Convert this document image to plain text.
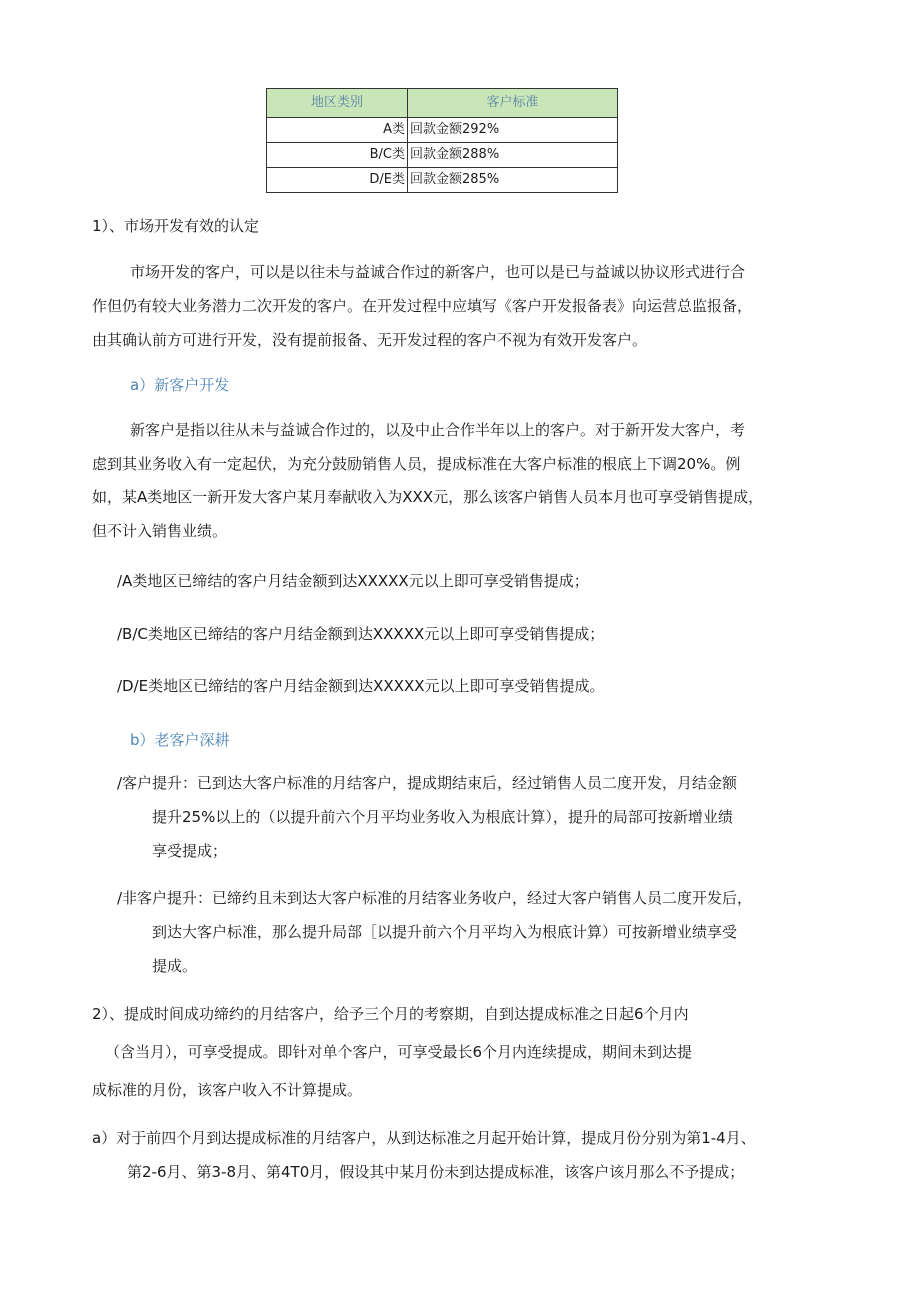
地区类别	客户标准
A类	回款金额292%
B/C类	回款金额288%
D/E类	回款金额285%
1）、市场开发有效的认定
市场开发的客户，可以是以往未与益诚合作过的新客户，也可以是已与益诚以协议形式进行合
作但仍有较大业务潜力二次开发的客户。在开发过程中应填写《客户开发报备表》向运营总监报备，
由其确认前方可进行开发，没有提前报备、无开发过程的客户不视为有效开发客户。
a）新客户开发
新客户是指以往从未与益诚合作过的，以及中止合作半年以上的客户。对于新开发大客户，考
虑到其业务收入有一定起伏，为充分鼓励销售人员，提成标准在大客户标准的根底上下调20%。例
如，某A类地区一新开发大客户某月奉献收入为XXX元，那么该客户销售人员本月也可享受销售提成，
但不计入销售业绩。
/A类地区已缔结的客户月结金额到达XXXXX元以上即可享受销售提成；
/B/C类地区已缔结的客户月结金额到达XXXXX元以上即可享受销售提成；
/D/E类地区已缔结的客户月结金额到达XXXXX元以上即可享受销售提成。
b）老客户深耕
/客户提升：已到达大客户标准的月结客户，提成期结束后，经过销售人员二度开发，月结金额
提升25%以上的（以提升前六个月平均业务收入为根底计算），提升的局部可按新增业绩
享受提成；
/非客户提升：已缔约且未到达大客户标准的月结客业务收户，经过大客户销售人员二度开发后，
到达大客户标准，那么提升局部［以提升前六个月平均入为根底计算）可按新增业绩享受
提成。
2）、提成时间成功缔约的月结客户，给予三个月的考察期，自到达提成标准之日起6个月内
（含当月），可享受提成。即针对单个客户，可享受最长6个月内连续提成，期间未到达提
成标准的月份，该客户收入不计算提成。
a）对于前四个月到达提成标准的月结客户，从到达标准之月起开始计算，提成月份分别为第1-4月、
第2-6月、第3-8月、第4T0月，假设其中某月份未到达提成标准，该客户该月那么不予提成；
